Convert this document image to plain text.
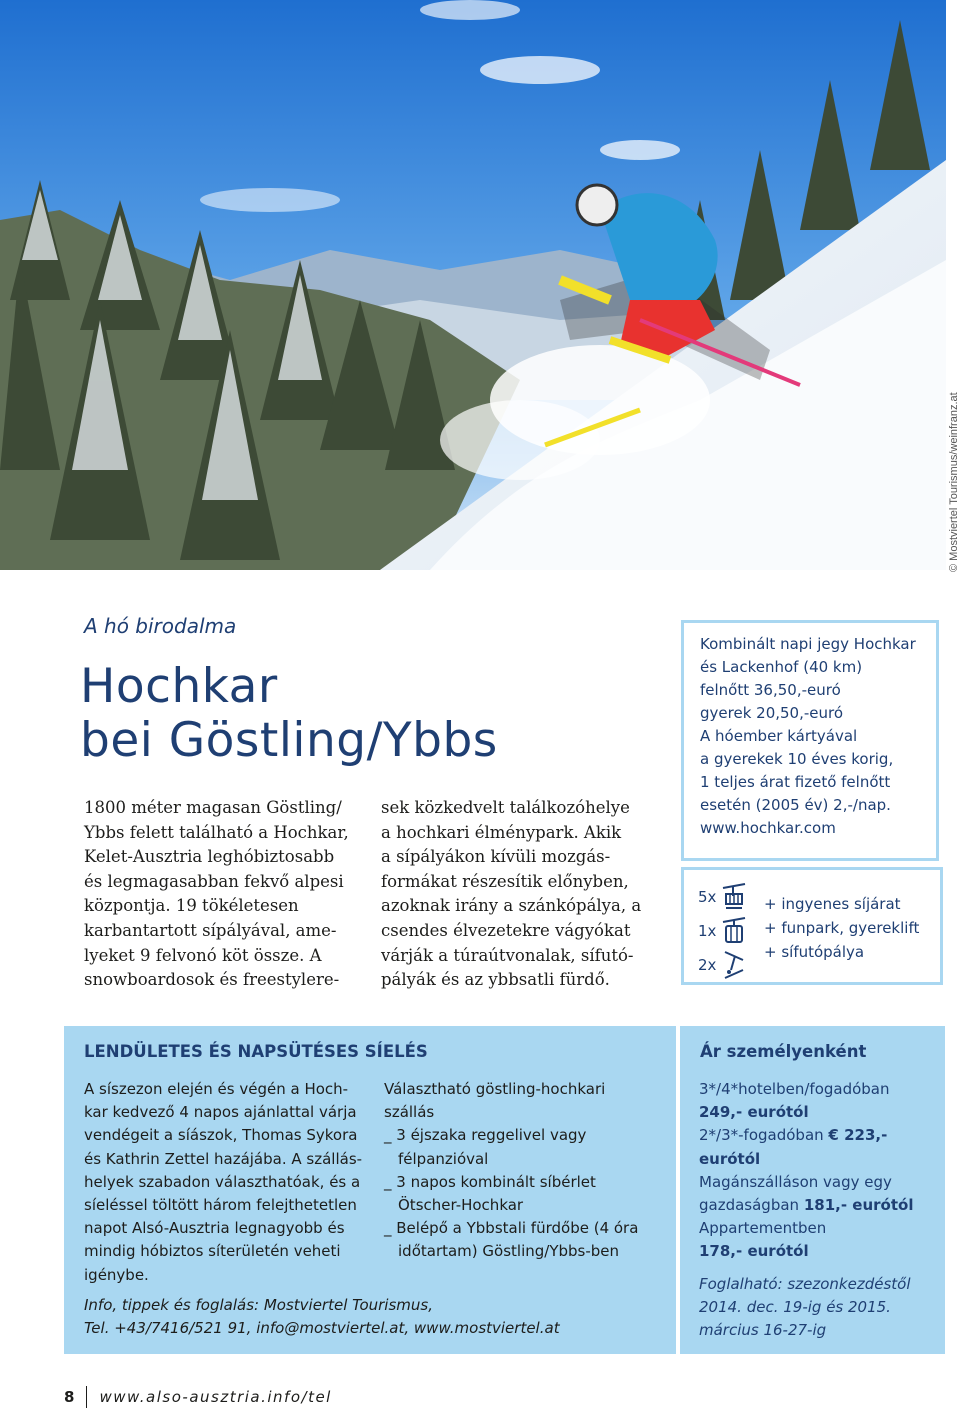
© Mostviertel Tourismus/weinfranz.at
A hó birodalma
Hochkar
bei Göstling/Ybbs
1800 méter magasan Göstling/
Ybbs felett található a Hochkar,
Kelet-Ausztria leghóbiztosabb
és legmagasabban fekvő alpesi
központja. 19 tökéletesen
karbantartott sípályával, ame-
lyeket 9 felvonó köt össze. A
snowboardosok és freestylere-
sek közkedvelt találkozóhelye
a hochkari élménypark. Akik
a sípályákon kívüli mozgás-
formákat részesítik előnyben,
azoknak irány a szánkópálya, a
csendes élvezetekre vágyókat
várják a túraútvonalak, sífutó-
pályák és az ybbsatli fürdő.
Kombinált napi jegy Hochkar
és Lackenhof (40 km)
felnőtt 36,50,-euró
gyerek 20,50,-euró
A hóember kártyával
a gyerekek 10 éves korig,
1 teljes árat fizető felnőtt
esetén (2005 év) 2,-/nap.
www.hochkar.com
5x
1x
2x
+ ingyenes síjárat
+ funpark, gyereklift
+ sífutópálya
LENDÜLETES ÉS NAPSÜTÉSES SÍELÉS
A síszezon elején és végén a Hoch-
kar kedvező 4 napos ajánlattal várja
vendégeit a síászok, Thomas Sykora
és Kathrin Zettel hazájába. A szállás-
helyek szabadon választhatóak, és a
síeléssel töltött három felejthetetlen
napot Alsó-Ausztria legnagyobb és
mindig hóbiztos síterületén veheti
igénybe.
Választható göstling-hochkari
szállás
_ 3 éjszaka reggelivel vagy
félpanzióval
_ 3 napos kombinált síbérlet
Ötscher-Hochkar
_ Belépő a Ybbstali fürdőbe (4 óra
időtartam) Göstling/Ybbs-ben
Info, tippek és foglalás: Mostviertel Tourismus,
Tel. +43/7416/521 91, info@mostviertel.at, www.mostviertel.at
Ár személyenként
3*/4*hotelben/fogadóban
249,- eurótól
2*/3*-fogadóban € 223,-
eurótól
Magánszálláson vagy egy
gazdaságban 181,- eurótól
Appartementben
178,- eurótól
Foglalható: szezonkezdéstől
2014. dec. 19-ig és 2015.
március 16-27-ig
8 www.also-ausztria.info/tel
